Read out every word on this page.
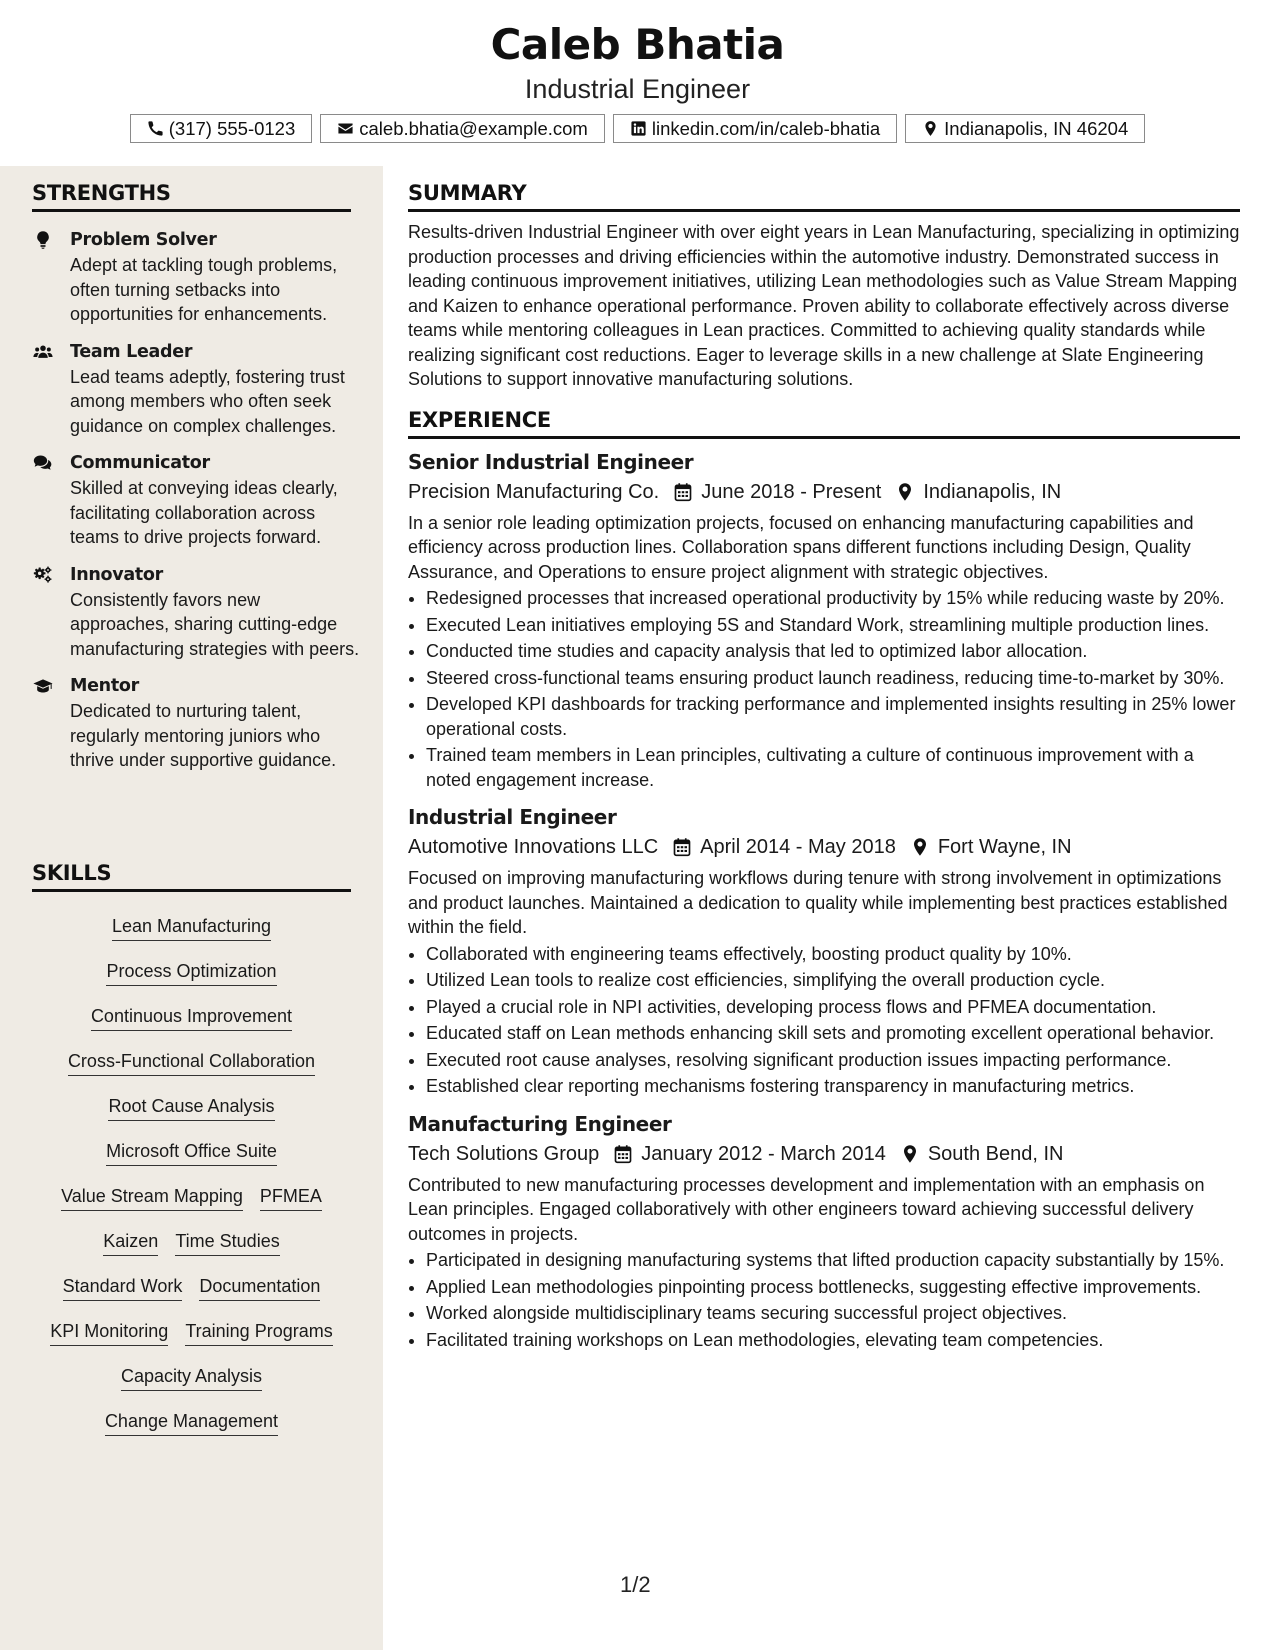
Caleb Bhatia
Industrial Engineer
(317) 555-0123	caleb.bhatia@example.com	linkedin.com/in/caleb-bhatia	Indianapolis, IN 46204
STRENGTHS
Problem Solver
Adept at tackling tough problems, often turning setbacks into opportunities for enhancements.
Team Leader
Lead teams adeptly, fostering trust among members who often seek guidance on complex challenges.
Communicator
Skilled at conveying ideas clearly, facilitating collaboration across teams to drive projects forward.
Innovator
Consistently favors new approaches, sharing cutting-edge manufacturing strategies with peers.
Mentor
Dedicated to nurturing talent, regularly mentoring juniors who thrive under supportive guidance.
SKILLS
Lean Manufacturing
Process Optimization
Continuous Improvement
Cross-Functional Collaboration
Root Cause Analysis
Microsoft Office Suite
Value Stream Mapping PFMEA
Kaizen Time Studies
Standard Work Documentation
KPI Monitoring Training Programs
Capacity Analysis
Change Management
SUMMARY
Results-driven Industrial Engineer with over eight years in Lean Manufacturing, specializing in optimizing production processes and driving efficiencies within the automotive industry. Demonstrated success in leading continuous improvement initiatives, utilizing Lean methodologies such as Value Stream Mapping and Kaizen to enhance operational performance. Proven ability to collaborate effectively across diverse teams while mentoring colleagues in Lean practices. Committed to achieving quality standards while realizing significant cost reductions. Eager to leverage skills in a new challenge at Slate Engineering Solutions to support innovative manufacturing solutions.
EXPERIENCE
Senior Industrial Engineer
Precision Manufacturing Co. June 2018 - Present Indianapolis, IN
In a senior role leading optimization projects, focused on enhancing manufacturing capabilities and efficiency across production lines. Collaboration spans different functions including Design, Quality Assurance, and Operations to ensure project alignment with strategic objectives.
• Redesigned processes that increased operational productivity by 15% while reducing waste by 20%.
• Executed Lean initiatives employing 5S and Standard Work, streamlining multiple production lines.
• Conducted time studies and capacity analysis that led to optimized labor allocation.
• Steered cross-functional teams ensuring product launch readiness, reducing time-to-market by 30%.
• Developed KPI dashboards for tracking performance and implemented insights resulting in 25% lower operational costs.
• Trained team members in Lean principles, cultivating a culture of continuous improvement with a noted engagement increase.
Industrial Engineer
Automotive Innovations LLC April 2014 - May 2018 Fort Wayne, IN
Focused on improving manufacturing workflows during tenure with strong involvement in optimizations and product launches. Maintained a dedication to quality while implementing best practices established within the field.
• Collaborated with engineering teams effectively, boosting product quality by 10%.
• Utilized Lean tools to realize cost efficiencies, simplifying the overall production cycle.
• Played a crucial role in NPI activities, developing process flows and PFMEA documentation.
• Educated staff on Lean methods enhancing skill sets and promoting excellent operational behavior.
• Executed root cause analyses, resolving significant production issues impacting performance.
• Established clear reporting mechanisms fostering transparency in manufacturing metrics.
Manufacturing Engineer
Tech Solutions Group January 2012 - March 2014 South Bend, IN
Contributed to new manufacturing processes development and implementation with an emphasis on Lean principles. Engaged collaboratively with other engineers toward achieving successful delivery outcomes in projects.
• Participated in designing manufacturing systems that lifted production capacity substantially by 15%.
• Applied Lean methodologies pinpointing process bottlenecks, suggesting effective improvements.
• Worked alongside multidisciplinary teams securing successful project objectives.
• Facilitated training workshops on Lean methodologies, elevating team competencies.
1/2
